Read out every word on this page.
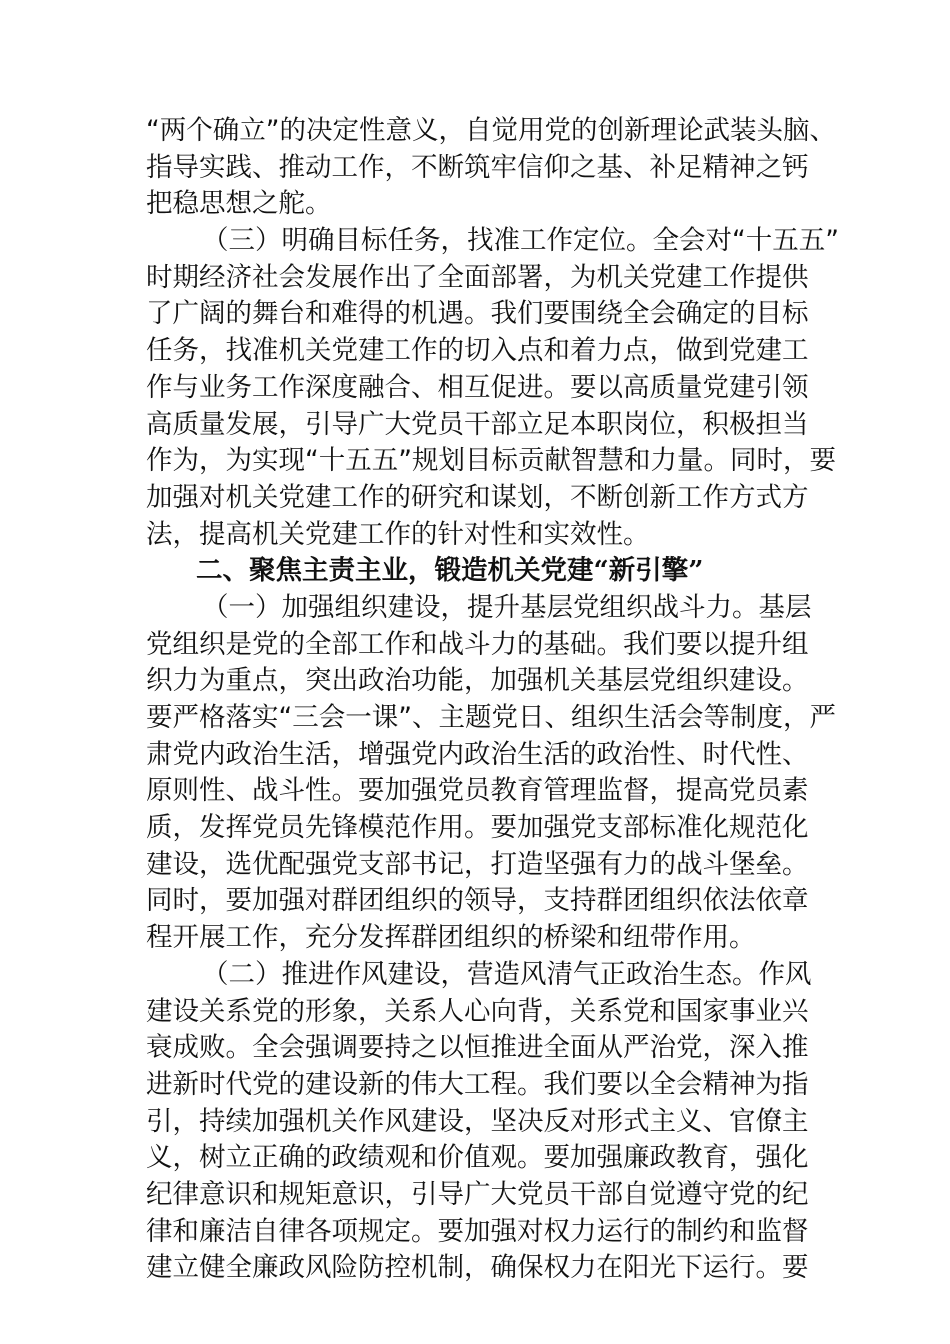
“两个确立”的决定性意义，自觉用党的创新理论武装头脑、
指导实践、推动工作，不断筑牢信仰之基、补足精神之钙
把稳思想之舵。
（三）明确目标任务，找准工作定位。全会对“十五五”
时期经济社会发展作出了全面部署，为机关党建工作提供
了广阔的舞台和难得的机遇。我们要围绕全会确定的目标
任务，找准机关党建工作的切入点和着力点，做到党建工
作与业务工作深度融合、相互促进。要以高质量党建引领
高质量发展，引导广大党员干部立足本职岗位，积极担当
作为，为实现“十五五”规划目标贡献智慧和力量。同时，要
加强对机关党建工作的研究和谋划，不断创新工作方式方
法，提高机关党建工作的针对性和实效性。
二、聚焦主责主业，锻造机关党建“新引擎”
（一）加强组织建设，提升基层党组织战斗力。基层
党组织是党的全部工作和战斗力的基础。我们要以提升组
织力为重点，突出政治功能，加强机关基层党组织建设。
要严格落实“三会一课”、主题党日、组织生活会等制度，严
肃党内政治生活，增强党内政治生活的政治性、时代性、
原则性、战斗性。要加强党员教育管理监督，提高党员素
质，发挥党员先锋模范作用。要加强党支部标准化规范化
建设，选优配强党支部书记，打造坚强有力的战斗堡垒。
同时，要加强对群团组织的领导，支持群团组织依法依章
程开展工作，充分发挥群团组织的桥梁和纽带作用。
（二）推进作风建设，营造风清气正政治生态。作风
建设关系党的形象，关系人心向背，关系党和国家事业兴
衰成败。全会强调要持之以恒推进全面从严治党，深入推
进新时代党的建设新的伟大工程。我们要以全会精神为指
引，持续加强机关作风建设，坚决反对形式主义、官僚主
义，树立正确的政绩观和价值观。要加强廉政教育，强化
纪律意识和规矩意识，引导广大党员干部自觉遵守党的纪
律和廉洁自律各项规定。要加强对权力运行的制约和监督
建立健全廉政风险防控机制，确保权力在阳光下运行。要
